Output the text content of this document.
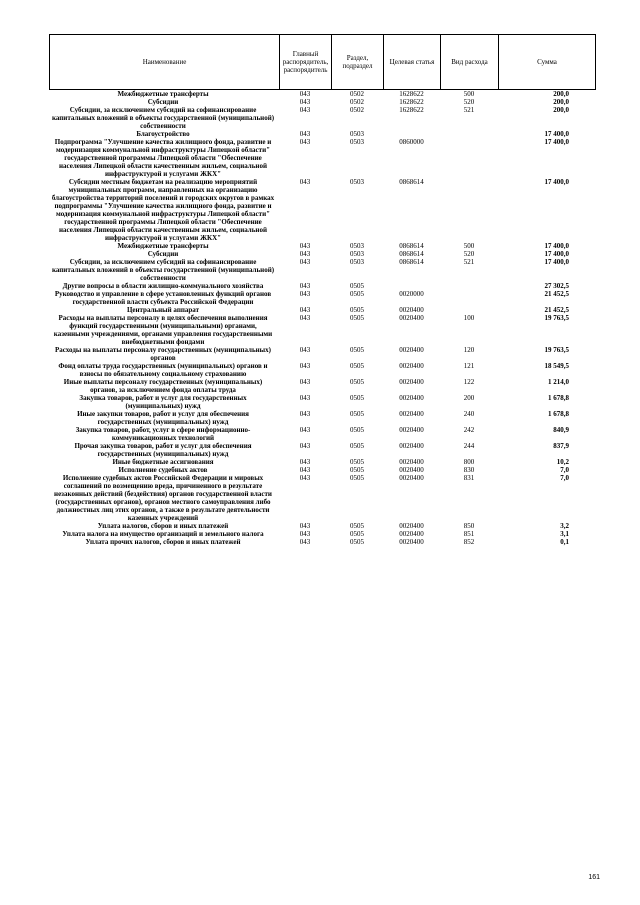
Наименование	Главный распорядитель, распорядитель	Раздел, подраздел	Целевая статья	Вид расхода	Сумма
Межбюджетные трансферты	043	0502	1628622	500	200,0
Субсидии	043	0502	1628622	520	200,0
Субсидии, за исключением субсидий на софинансирование капитальных вложений в объекты государственной (муниципальной) собственности	043	0502	1628622	521	200,0
Благоустройство	043	0503			17 400,0
Подпрограмма "Улучшение качества жилищного фонда, развитие и модернизация коммунальной инфраструктуры Липецкой области" государственной программы Липецкой области "Обеспечение населения Липецкой области качественным жильем, социальной инфраструктурой и услугами ЖКХ"	043	0503	0860000		17 400,0
Субсидии местным бюджетам на реализацию мероприятий муниципальных программ, направленных на организацию благоустройства территорий поселений и городских округов в рамках подпрограммы "Улучшение качества жилищного фонда, развитие и модернизация коммунальной инфраструктуры Липецкой области" государственной программы Липецкой области "Обеспечение населения Липецкой области качественным жильем, социальной инфраструктурой и услугами ЖКХ"	043	0503	0868614		17 400,0
Межбюджетные трансферты	043	0503	0868614	500	17 400,0
Субсидии	043	0503	0868614	520	17 400,0
Субсидии, за исключением субсидий на софинансирование капитальных вложений в объекты государственной (муниципальной) собственности	043	0503	0868614	521	17 400,0
Другие вопросы в области жилищно-коммунального хозяйства	043	0505			27 302,5
Руководство и управление в сфере установленных функций органов государственной власти субъекта Российской Федерации	043	0505	0020000		21 452,5
Центральный аппарат	043	0505	0020400		21 452,5
Расходы на выплаты персоналу в целях обеспечения выполнения функций государственными (муниципальными) органами, казенными учреждениями, органами управления государственными внебюджетными фондами	043	0505	0020400	100	19 763,5
Расходы на выплаты персоналу государственных (муниципальных) органов	043	0505	0020400	120	19 763,5
Фонд оплаты труда государственных (муниципальных) органов и взносы по обязательному социальному страхованию	043	0505	0020400	121	18 549,5
Иные выплаты персоналу государственных (муниципальных) органов, за исключением фонда оплаты труда	043	0505	0020400	122	1 214,0
Закупка товаров, работ и услуг для государственных (муниципальных) нужд	043	0505	0020400	200	1 678,8
Иные закупки товаров, работ и услуг для обеспечения государственных (муниципальных) нужд	043	0505	0020400	240	1 678,8
Закупка товаров, работ, услуг в сфере информационно-коммуникационных технологий	043	0505	0020400	242	840,9
Прочая закупка товаров, работ и услуг для обеспечения государственных (муниципальных) нужд	043	0505	0020400	244	837,9
Иные бюджетные ассигнования	043	0505	0020400	800	10,2
Исполнение судебных актов	043	0505	0020400	830	7,0
Исполнение судебных актов Российской Федерации и мировых соглашений по возмещению вреда, причиненного в результате незаконных действий (бездействия) органов государственной власти (государственных органов), органов местного самоуправления либо должностных лиц этих органов, а также в результате деятельности казенных учреждений	043	0505	0020400	831	7,0
Уплата налогов, сборов и иных платежей	043	0505	0020400	850	3,2
Уплата налога на имущество организаций и земельного налога	043	0505	0020400	851	3,1
Уплата прочих налогов, сборов и иных платежей	043	0505	0020400	852	0,1
161
